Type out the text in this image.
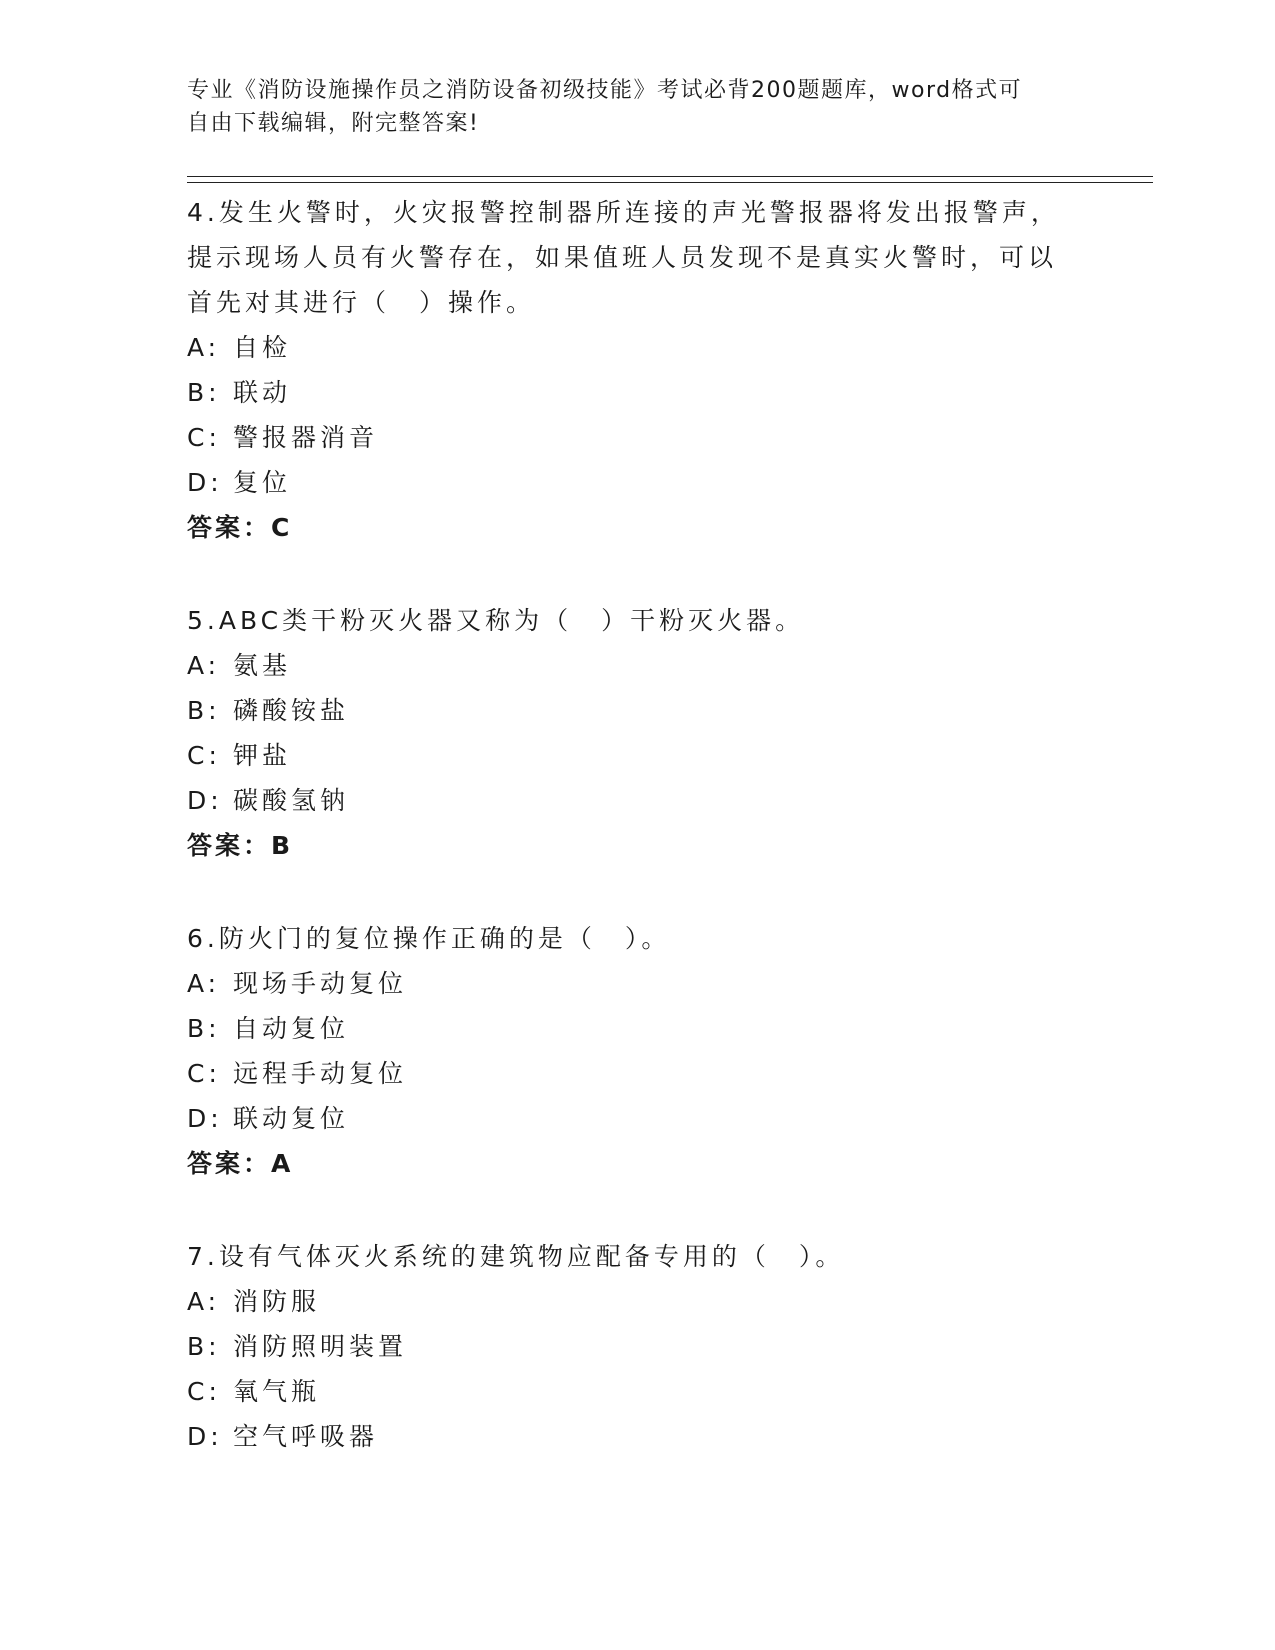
专业《消防设施操作员之消防设备初级技能》考试必背200题题库，word格式可
自由下载编辑，附完整答案!

4.发生火警时，火灾报警控制器所连接的声光警报器将发出报警声，

提示现场人员有火警存在，如果值班人员发现不是真实火警时，可以

首先对其进行（　）操作。

A: 自检

B: 联动

C: 警报器消音

D: 复位

答案：C

5.ABC类干粉灭火器又称为（　）干粉灭火器。

A: 氨基

B: 磷酸铵盐

C: 钾盐

D: 碳酸氢钠

答案：B

6.防火门的复位操作正确的是（　）。

A: 现场手动复位

B: 自动复位

C: 远程手动复位

D: 联动复位

答案：A

7.设有气体灭火系统的建筑物应配备专用的（　）。

A: 消防服

B: 消防照明装置

C: 氧气瓶

D: 空气呼吸器
